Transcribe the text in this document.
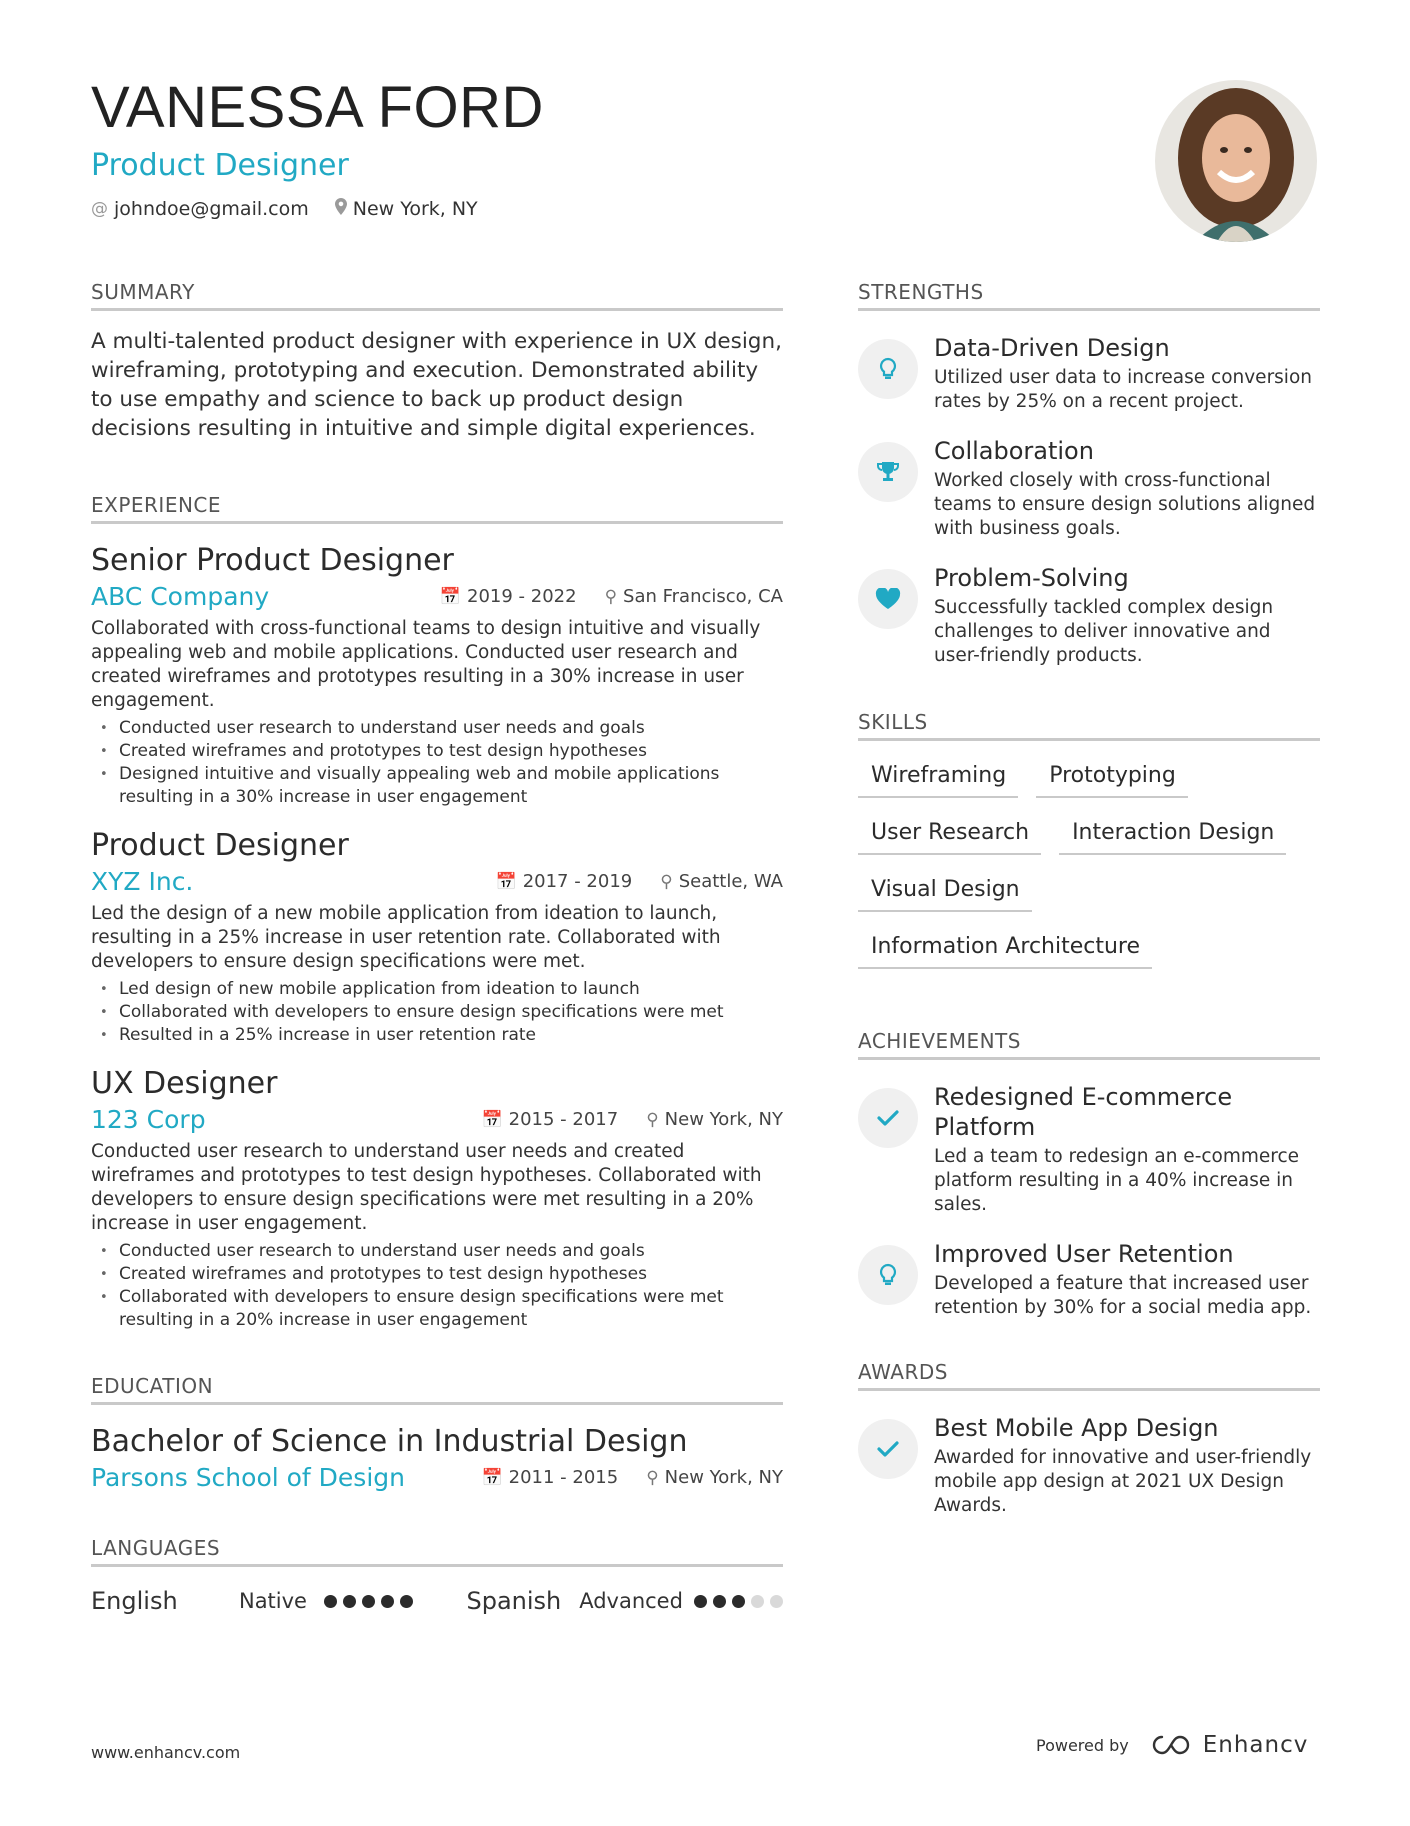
VANESSA FORD
Product Designer
@ johndoe@gmail.com New York, NY
SUMMARY

A multi-talented product designer with experience in UX design, wireframing, prototyping and execution. Demonstrated ability to use empathy and science to back up product design decisions resulting in intuitive and simple digital experiences.

EXPERIENCE
Senior Product Designer
ABC Company	📅 2019 - 2022 ⚲ San Francisco, CA

Collaborated with cross-functional teams to design intuitive and visually appealing web and mobile applications. Conducted user research and created wireframes and prototypes resulting in a 30% increase in user engagement.

• Conducted user research to understand user needs and goals
• Created wireframes and prototypes to test design hypotheses
• Designed intuitive and visually appealing web and mobile applications resulting in a 30% increase in user engagement
Product Designer
XYZ Inc.	📅 2017 - 2019 ⚲ Seattle, WA

Led the design of a new mobile application from ideation to launch, resulting in a 25% increase in user retention rate. Collaborated with developers to ensure design specifications were met.

• Led design of new mobile application from ideation to launch
• Collaborated with developers to ensure design specifications were met
• Resulted in a 25% increase in user retention rate
UX Designer
123 Corp	📅 2015 - 2017 ⚲ New York, NY

Conducted user research to understand user needs and created wireframes and prototypes to test design hypotheses. Collaborated with developers to ensure design specifications were met resulting in a 20% increase in user engagement.

• Conducted user research to understand user needs and goals
• Created wireframes and prototypes to test design hypotheses
• Collaborated with developers to ensure design specifications were met resulting in a 20% increase in user engagement
EDUCATION
Bachelor of Science in Industrial Design
Parsons School of Design	📅 2011 - 2015 ⚲ New York, NY
LANGUAGES
English	Native	Spanish Advanced
STRENGTHS
Data-Driven Design
Utilized user data to increase conversion rates by 25% on a recent project.
Collaboration
Worked closely with cross-functional teams to ensure design solutions aligned with business goals.
Problem-Solving
Successfully tackled complex design challenges to deliver innovative and user-friendly products.
SKILLS
Wireframing	Prototyping
User Research	Interaction Design
Visual Design
Information Architecture
ACHIEVEMENTS
Redesigned E-commerce Platform
Led a team to redesign an e-commerce platform resulting in a 40% increase in sales.
Improved User Retention
Developed a feature that increased user retention by 30% for a social media app.
AWARDS
Best Mobile App Design
Awarded for innovative and user-friendly mobile app design at 2021 UX Design Awards.
www.enhancv.com	Powered by	Enhancv
